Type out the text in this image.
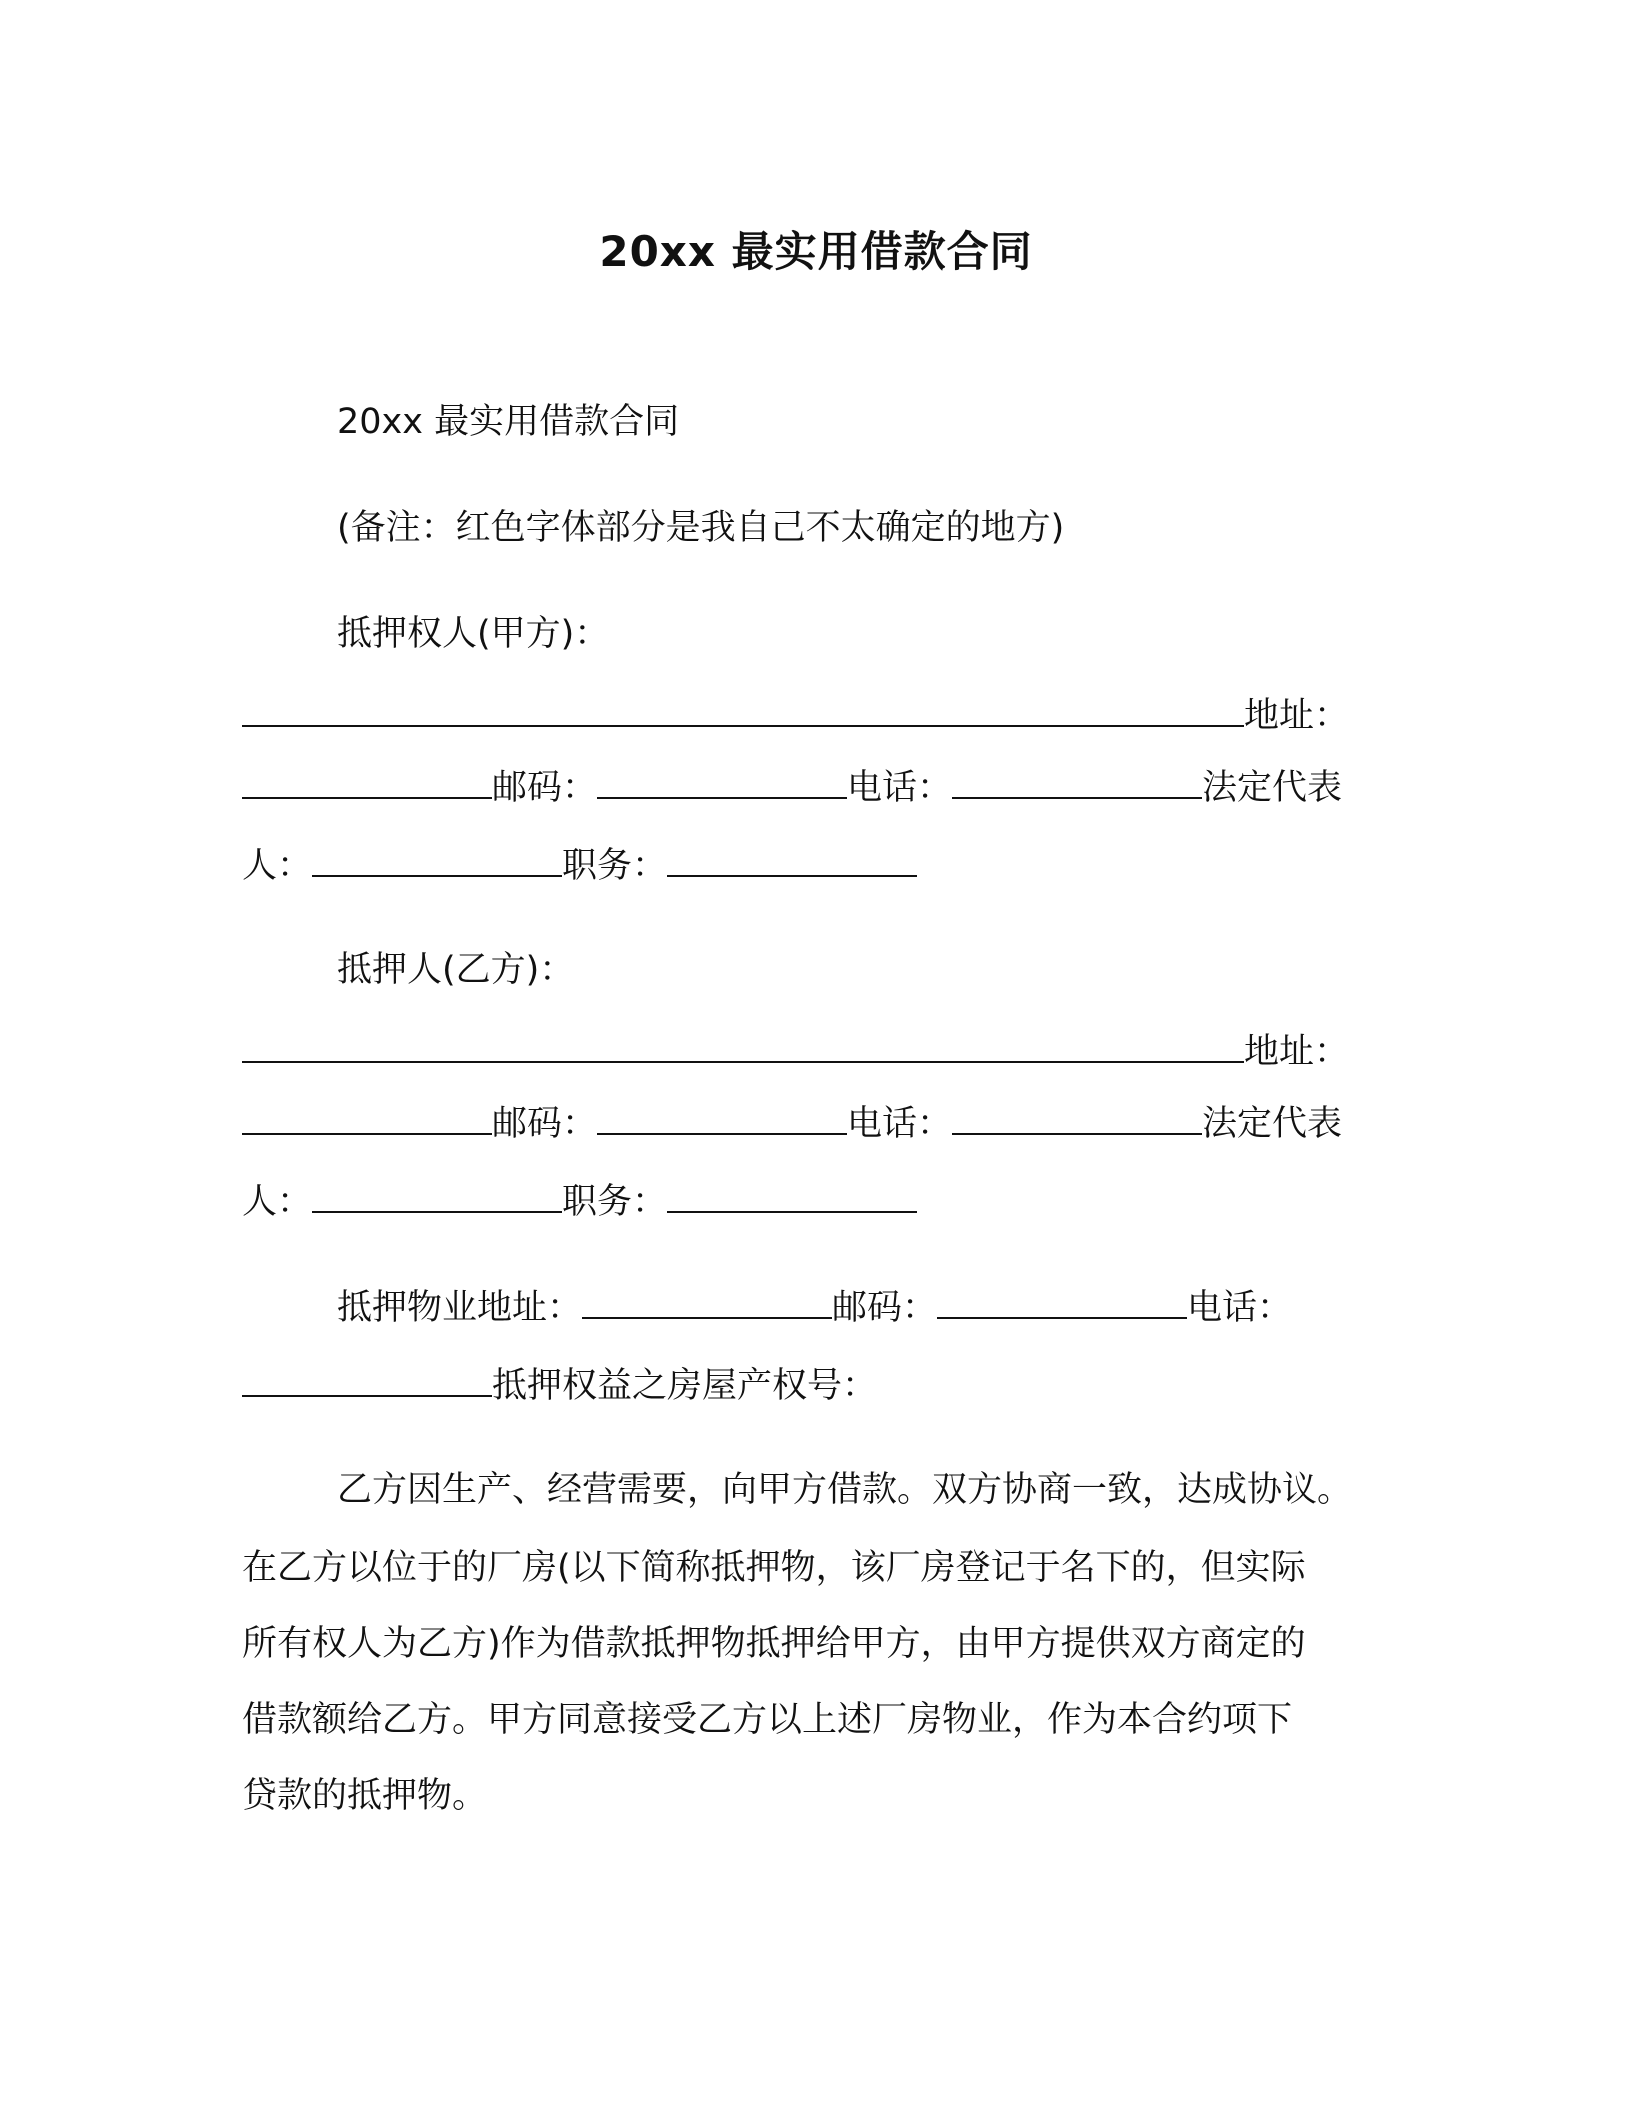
20xx 最实用借款合同
20xx 最实用借款合同
(备注：红色字体部分是我自己不太确定的地方)
抵押权人(甲方)：
地址：
邮码：	电话：	法定代表
人：	职务：
抵押人(乙方)：
地址：
邮码：	电话：	法定代表
人：	职务：
抵押物业地址：	邮码：	电话：
抵押权益之房屋产权号：
乙方因生产、经营需要，向甲方借款。双方协商一致，达成协议。
在乙方以位于的厂房(以下简称抵押物，该厂房登记于名下的，但实际
所有权人为乙方)作为借款抵押物抵押给甲方，由甲方提供双方商定的
借款额给乙方。甲方同意接受乙方以上述厂房物业，作为本合约项下
贷款的抵押物。
